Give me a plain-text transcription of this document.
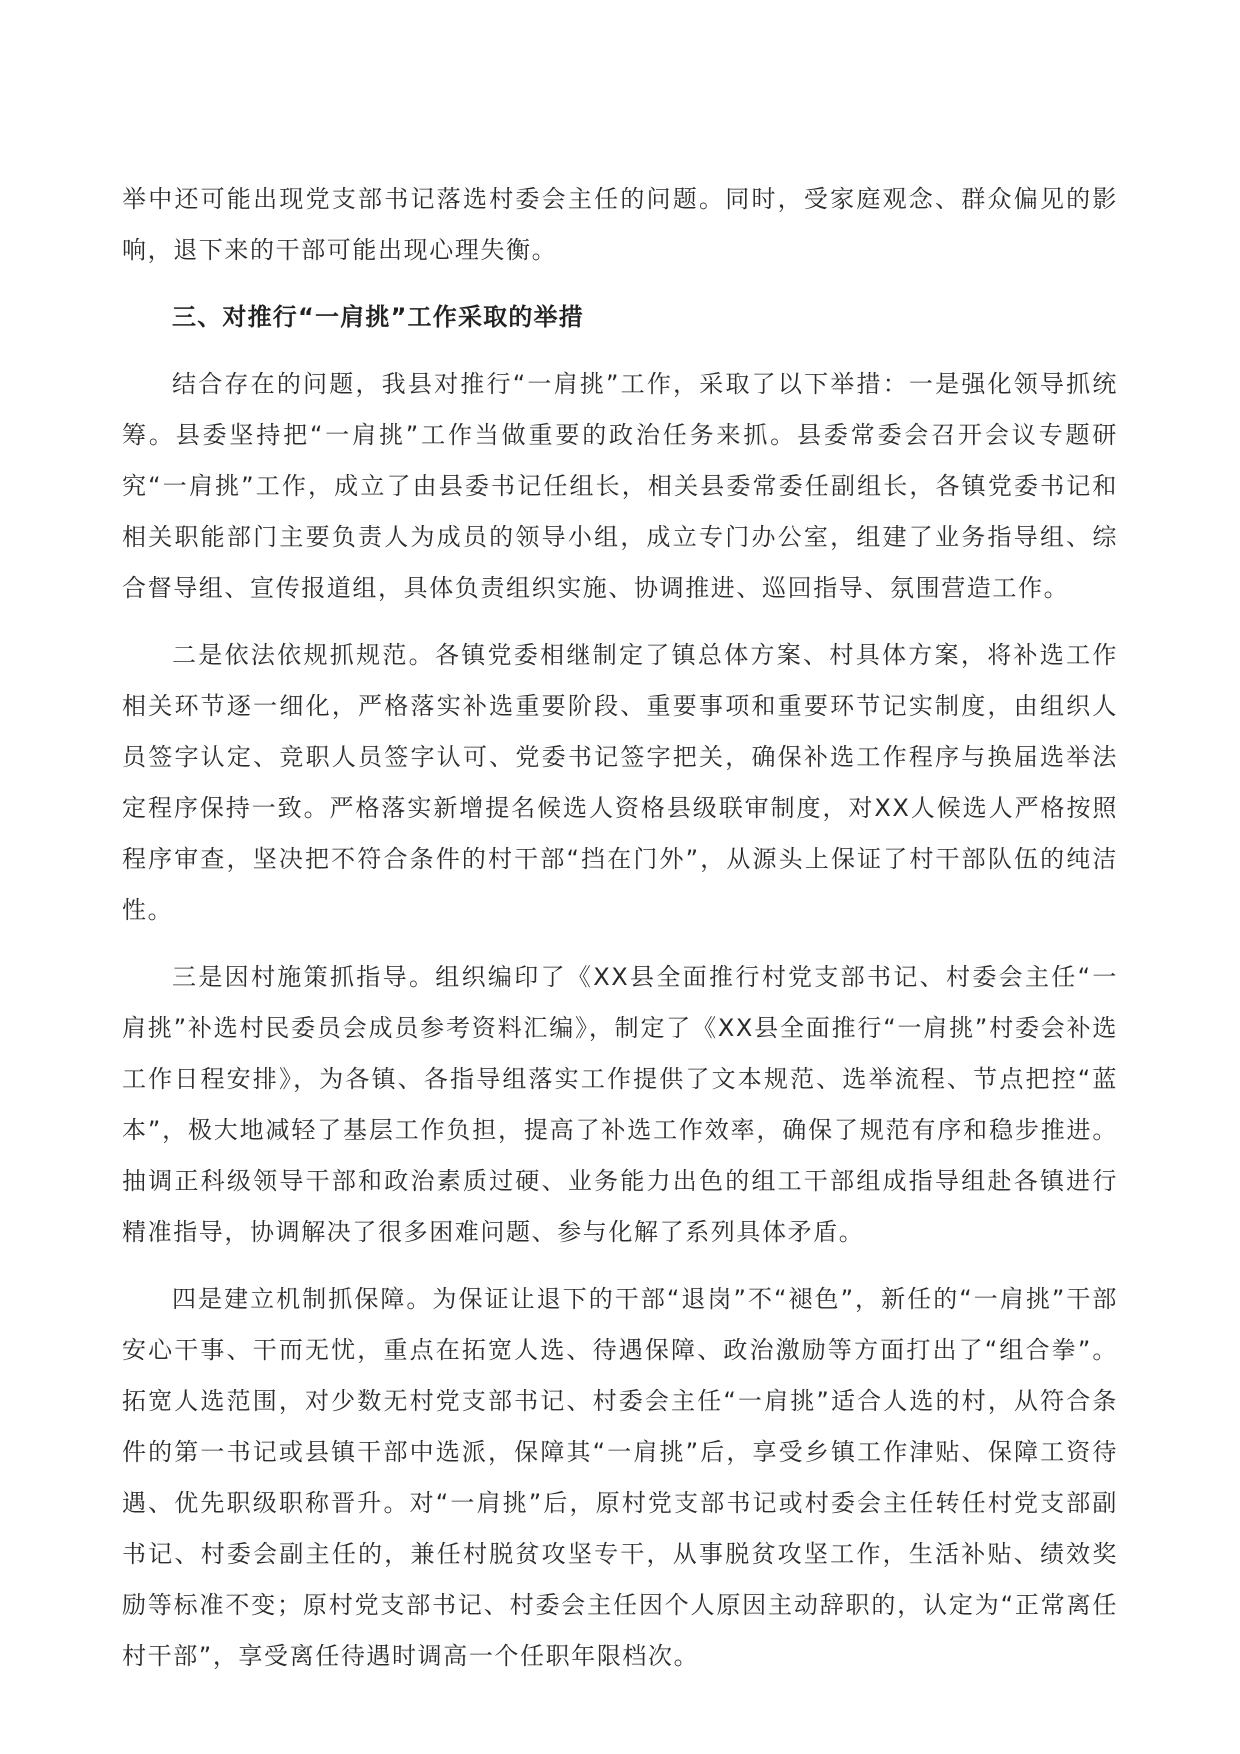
举中还可能出现党支部书记落选村委会主任的问题。同时，受家庭观念、群众偏见的影响，退下来的干部可能出现心理失衡。

三、对推行“一肩挑”工作采取的举措

结合存在的问题，我县对推行“一肩挑”工作，采取了以下举措：一是强化领导抓统筹。县委坚持把“一肩挑”工作当做重要的政治任务来抓。县委常委会召开会议专题研究“一肩挑”工作，成立了由县委书记任组长，相关县委常委任副组长，各镇党委书记和相关职能部门主要负责人为成员的领导小组，成立专门办公室，组建了业务指导组、综合督导组、宣传报道组，具体负责组织实施、协调推进、巡回指导、氛围营造工作。

二是依法依规抓规范。各镇党委相继制定了镇总体方案、村具体方案，将补选工作相关环节逐一细化，严格落实补选重要阶段、重要事项和重要环节记实制度，由组织人员签字认定、竞职人员签字认可、党委书记签字把关，确保补选工作程序与换届选举法定程序保持一致。严格落实新增提名候选人资格县级联审制度，对XX人候选人严格按照程序审查，坚决把不符合条件的村干部“挡在门外”，从源头上保证了村干部队伍的纯洁性。

三是因村施策抓指导。组织编印了《XX县全面推行村党支部书记、村委会主任“一肩挑”补选村民委员会成员参考资料汇编》，制定了《XX县全面推行“一肩挑”村委会补选工作日程安排》，为各镇、各指导组落实工作提供了文本规范、选举流程、节点把控“蓝本”，极大地减轻了基层工作负担，提高了补选工作效率，确保了规范有序和稳步推进。抽调正科级领导干部和政治素质过硬、业务能力出色的组工干部组成指导组赴各镇进行精准指导，协调解决了很多困难问题、参与化解了系列具体矛盾。

四是建立机制抓保障。为保证让退下的干部“退岗”不“褪色”，新任的“一肩挑”干部安心干事、干而无忧，重点在拓宽人选、待遇保障、政治激励等方面打出了“组合拳”。拓宽人选范围，对少数无村党支部书记、村委会主任“一肩挑”适合人选的村，从符合条件的第一书记或县镇干部中选派，保障其“一肩挑”后，享受乡镇工作津贴、保障工资待遇、优先职级职称晋升。对“一肩挑”后，原村党支部书记或村委会主任转任村党支部副书记、村委会副主任的，兼任村脱贫攻坚专干，从事脱贫攻坚工作，生活补贴、绩效奖励等标准不变；原村党支部书记、村委会主任因个人原因主动辞职的，认定为“正常离任村干部”，享受离任待遇时调高一个任职年限档次。
